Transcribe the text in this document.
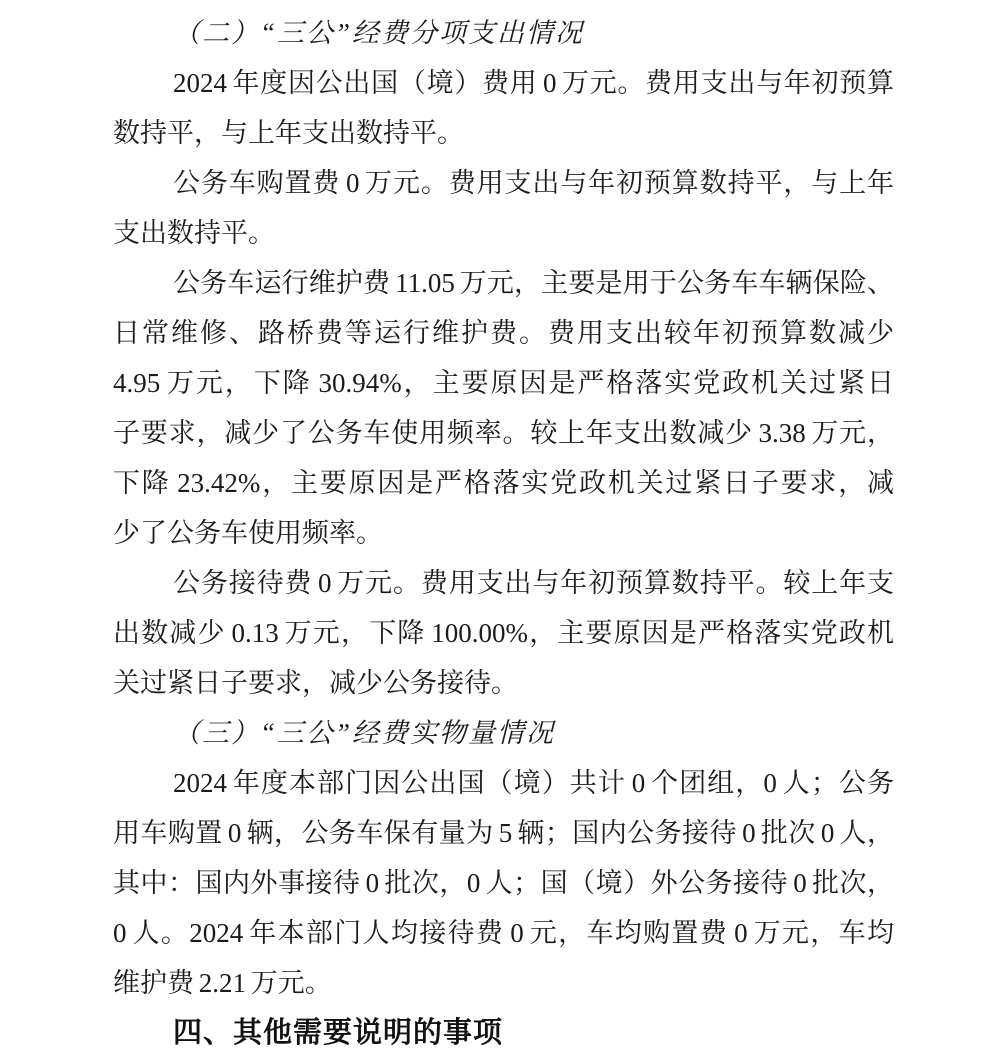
（二）“三公”经费分项支出情况
2024 年度因公出国（境）费用 0 万元。费用支出与年初预算
数持平，与上年支出数持平。
公务车购置费 0 万元。费用支出与年初预算数持平，与上年
支出数持平。
公务车运行维护费 11.05 万元，主要是用于公务车车辆保险、
日常维修、路桥费等运行维护费。费用支出较年初预算数减少
4.95 万元，下降 30.94%，主要原因是严格落实党政机关过紧日
子要求，减少了公务车使用频率。较上年支出数减少 3.38 万元，
下降 23.42%，主要原因是严格落实党政机关过紧日子要求，减
少了公务车使用频率。
公务接待费 0 万元。费用支出与年初预算数持平。较上年支
出数减少 0.13 万元，下降 100.00%，主要原因是严格落实党政机
关过紧日子要求，减少公务接待。
（三）“三公”经费实物量情况
2024 年度本部门因公出国（境）共计 0 个团组，0 人；公务
用车购置 0 辆，公务车保有量为 5 辆；国内公务接待 0 批次 0 人，
其中：国内外事接待 0 批次，0 人；国（境）外公务接待 0 批次，
0 人。2024 年本部门人均接待费 0 元，车均购置费 0 万元，车均
维护费 2.21 万元。
四、其他需要说明的事项
